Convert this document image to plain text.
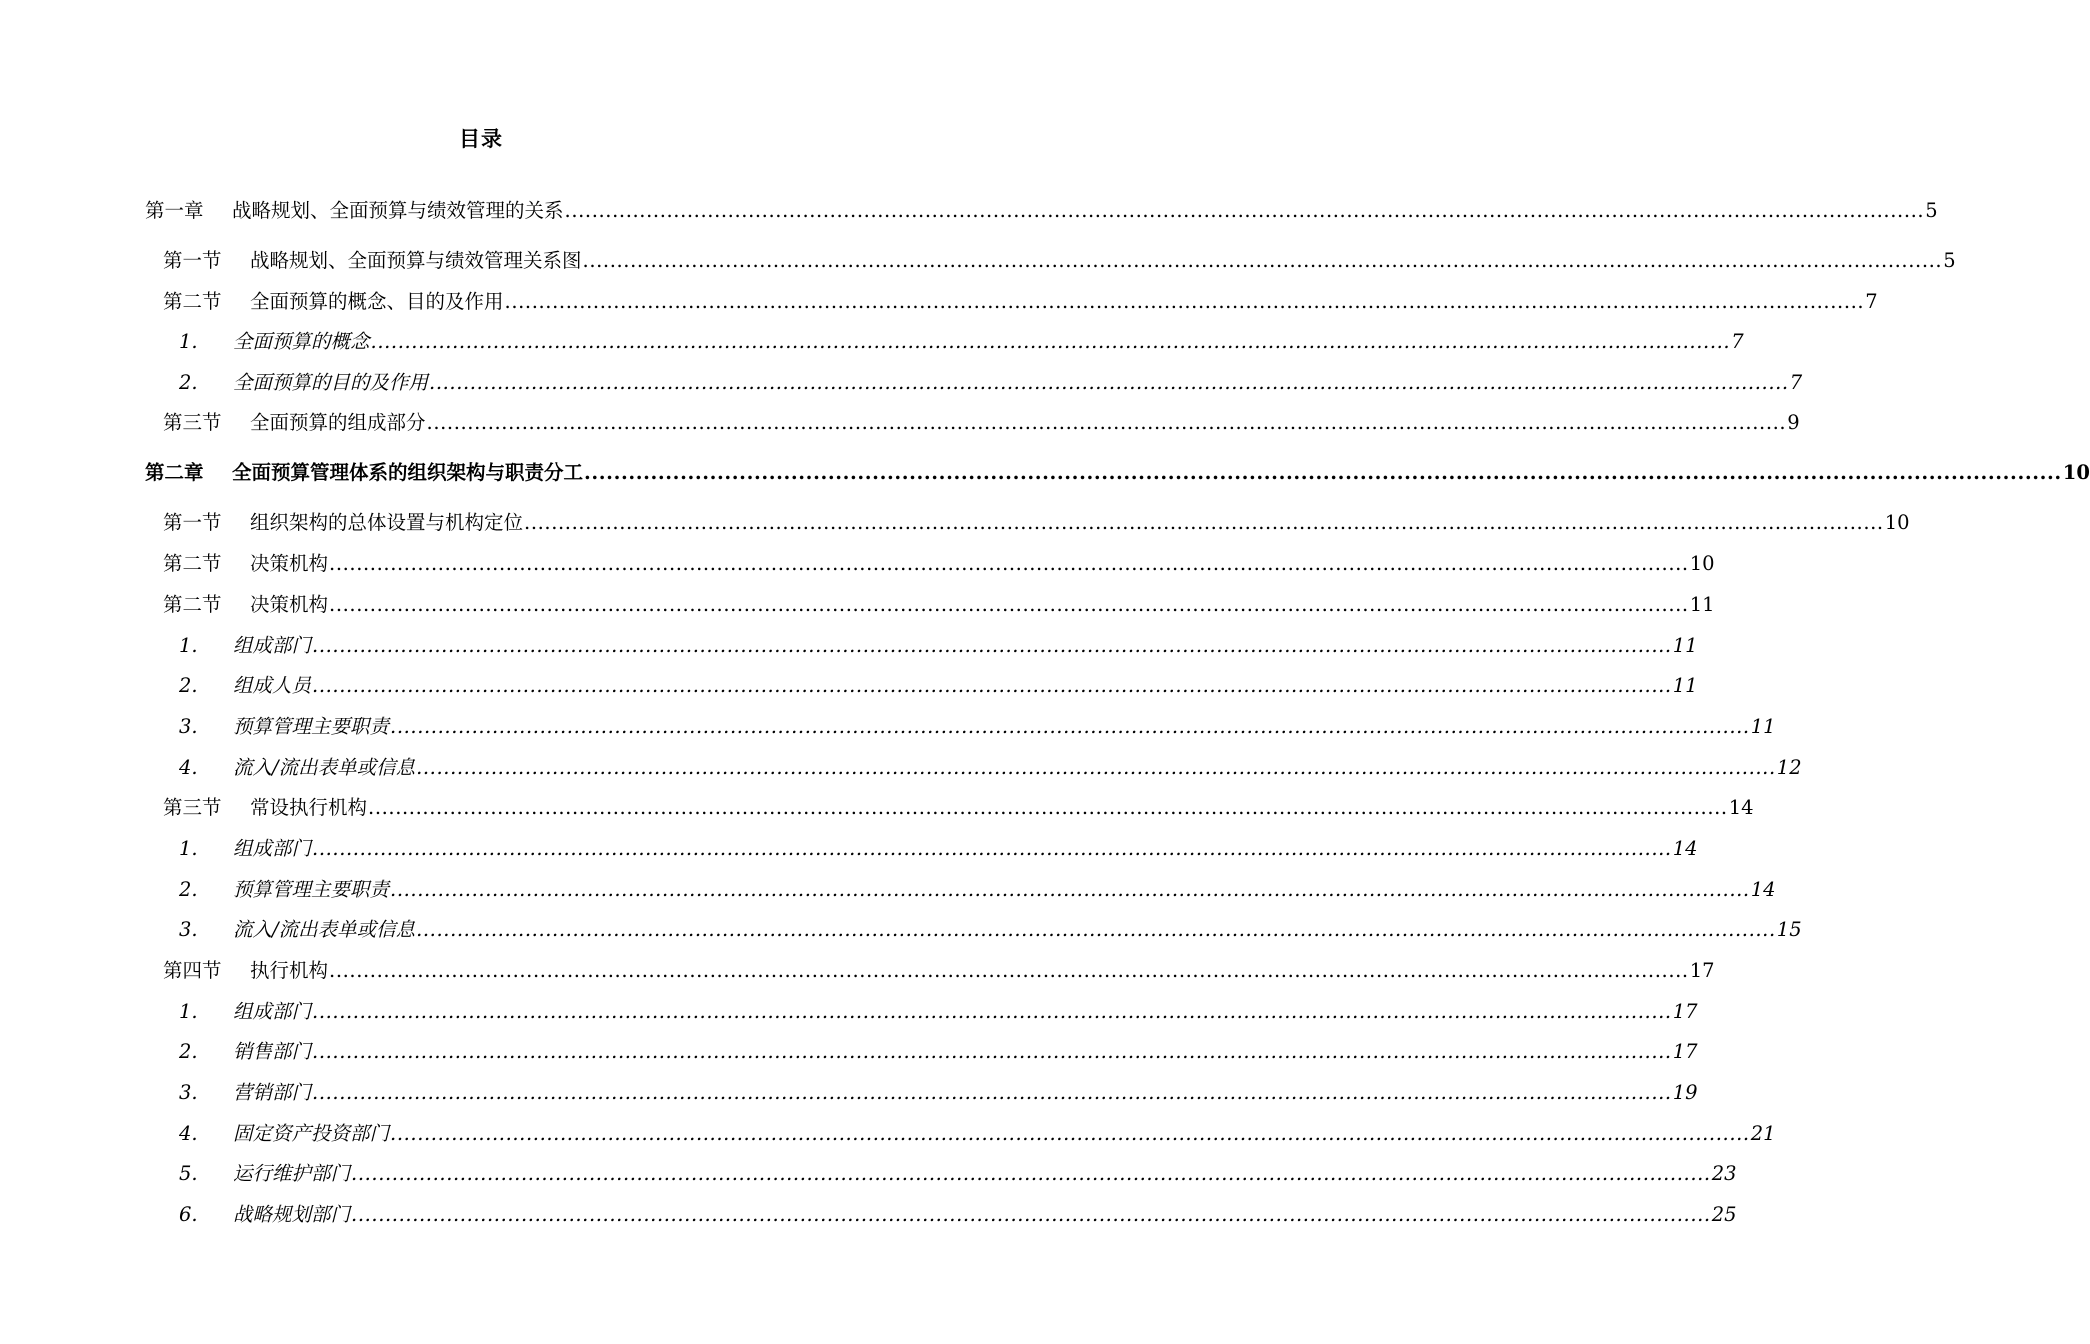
目录
第一章	战略规划、全面预算与绩效管理的关系 ........................................................................................................................................................................................................ 5
第一节	战略规划、全面预算与绩效管理关系图 ........................................................................................................................................................................................................ 5
第二节	全面预算的概念、目的及作用 ........................................................................................................................................................................................................ 7
1.	全面预算的概念 ........................................................................................................................................................................................................ 7
2.	全面预算的目的及作用 ........................................................................................................................................................................................................ 7
第三节	全面预算的组成部分 ........................................................................................................................................................................................................ 9
第二章	全面预算管理体系的组织架构与职责分工 ........................................................................................................................................................................................................ 10
第一节	组织架构的总体设置与机构定位 ........................................................................................................................................................................................................ 10
第二节	决策机构 ........................................................................................................................................................................................................ 10
第二节	决策机构 ........................................................................................................................................................................................................ 11
1.	组成部门 ........................................................................................................................................................................................................ 11
2.	组成人员 ........................................................................................................................................................................................................ 11
3.	预算管理主要职责 ........................................................................................................................................................................................................ 11
4.	流入/流出表单或信息 ........................................................................................................................................................................................................ 12
第三节	常设执行机构 ........................................................................................................................................................................................................ 14
1.	组成部门 ........................................................................................................................................................................................................ 14
2.	预算管理主要职责 ........................................................................................................................................................................................................ 14
3.	流入/流出表单或信息 ........................................................................................................................................................................................................ 15
第四节	执行机构 ........................................................................................................................................................................................................ 17
1.	组成部门 ........................................................................................................................................................................................................ 17
2.	销售部门 ........................................................................................................................................................................................................ 17
3.	营销部门 ........................................................................................................................................................................................................ 19
4.	固定资产投资部门 ........................................................................................................................................................................................................ 21
5.	运行维护部门 ........................................................................................................................................................................................................ 23
6.	战略规划部门 ........................................................................................................................................................................................................ 25
